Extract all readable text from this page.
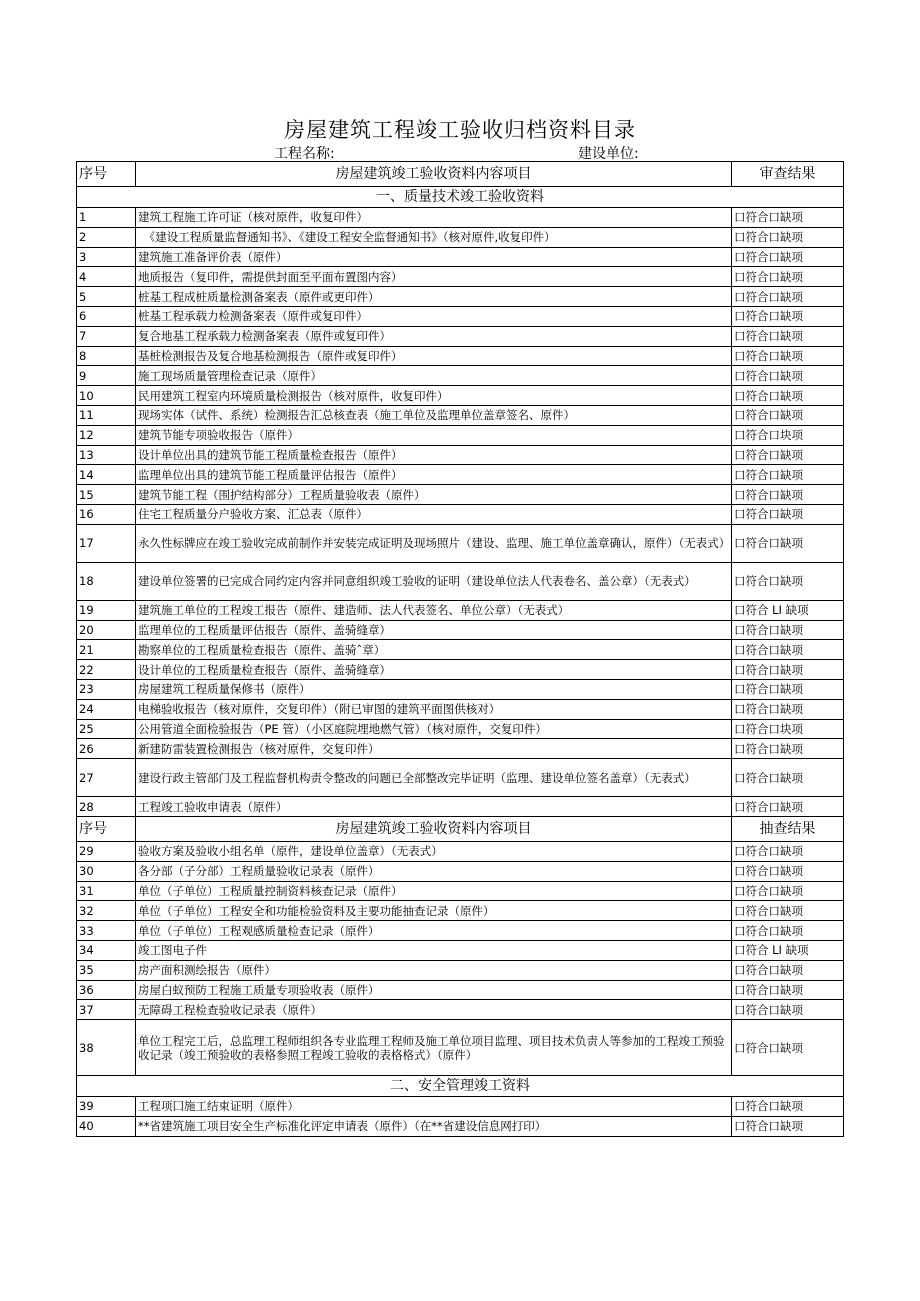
房屋建筑工程竣工验收归档资料目录
工程名称:	建设单位:
序号	房屋建筑竣工验收资料内容项目	审查结果
一、质量技术竣工验收资料		
1	建筑工程施工许可证（核对原件，收复印件）	口符合口缺项
2	　《建设工程质量监督通知书》、《建设工程安全监督通知书》（核对原件,收复印件）	口符合口缺项
3	建筑施工准备评价表（原件）	口符合口缺项
4	地质报告（复印件，需提供封面至平面布置图内容）	口符合口缺项
5	桩基工程成桩质量检测备案表（原件或更印件）	口符合口缺项
6	桩基工程承载力检测备案表（原件或复印件）	口符合口缺项
7	复合地基工程承载力检测备案表（原件或复印件）	口符合口缺项
8	基桩检测报告及复合地基检测报告（原件或复印件）	口符合口缺项
9	施工现场质量管理检查记录（原件）	口符合口缺项
10	民用建筑工程室内环境质量检测报告（核对原件，收复印件）	口符合口缺项
11	现场实体（试件、系统）检测报告汇总核查表（施工单位及监理单位盖章签名、原件）	口符合口缺项
12	建筑节能专项验收报告（原件）	口符合口块项
13	设计单位出具的建筑节能工程质量检查报告（原件）	口符合口缺项
14	监理单位出具的建筑节能工程质量评估报告（原件）	口符合口缺项
15	建筑节能工程（围护结构部分）工程质量验收表（原件）	口符合口缺项
16	住宅工程质量分户验收方案、汇总表（原件）	口符合口缺项
17	永久性标牌应在竣工验收完成前制作并安装完成证明及现场照片（建设、监理、施工单位盖章确认，原件）（无表式）	口符合口缺项
18	建设单位签署的已完成合同约定内容并同意组织竣工验收的证明（建设单位法人代表卷名、盖公章）（无表式）	口符合口缺项
19	建筑施工单位的工程竣工报告（原件、建造师、法人代表签名、单位公章）（无表式）	口符合 LI 缺项
20	监理单位的工程质量评估报告（原件、盖骑缝章）	口符合口缺项
21	勘察单位的工程质量检查报告（原件、盖骑ˆ章）	口符合口缺项
22	设计单位的工程质量检查报告（原件、盖骑缝章）	口符合口缺项
23	房屋建筑工程质量保修书（原件）	口符合口缺项
24	电梯验收报告（核对原件，交复印件）（附已审图的建筑平面图供核对）	口符合口缺项
25	公用管道全面检验报告（PE 管）（小区庭院埋地燃气管）（核对原件，交复印件）	口符合口块项
26	新建防雷装置检测报告（核对原件，交复印件）	口符合口缺项
27	建设行政主管部门及工程监督机构责令整改的问题已全部整改完毕证明（监理、建设单位签名盖章）（无表式）	口符合口缺项
28	工程竣工验收申请表（原件）	口符合口缺项
序号	房屋建筑竣工验收资料内容项目	抽查结果
29	验收方案及验收小组名单（原件，建设单位盖章）（无表式）	口符合口缺项
30	各分部（子分部）工程质量验收记录表（原件）	口符合口缺项
31	单位（子单位）工程质量控制资料核查记录（原件）	口符合口缺项
32	单位（子单位）工程安全和功能检验资料及主要功能抽查记录（原件）	口符合口缺项
33	单位（子单位）工程观感质量检查记录（原件）	口符合口缺项
34	竣工图电子件	口符合 LI 缺项
35	房产面积测绘报告（原件）	口符合口缺项
36	房屋白蚁预防工程施工质量专项验收表（原件）	口符合口缺项
37	无障碍工程检查验收记录表（原件）	口符合口缺项
38	单位工程完工后，总监理工程师组织各专业监理工程师及施工单位项目监理、项目技术负责人等参加的工程竣工预验收记录（竣工预验收的表格参照工程竣工验收的表格格式）（原件）	口符合口缺项
二、安全管理竣工资料		
39	工程项囗施工结束证明（原件）	口符合口缺项
40	**省建筑施工项目安全生产标准化评定申请表（原件）（在**省建设信息网打印）	口符合口缺项
